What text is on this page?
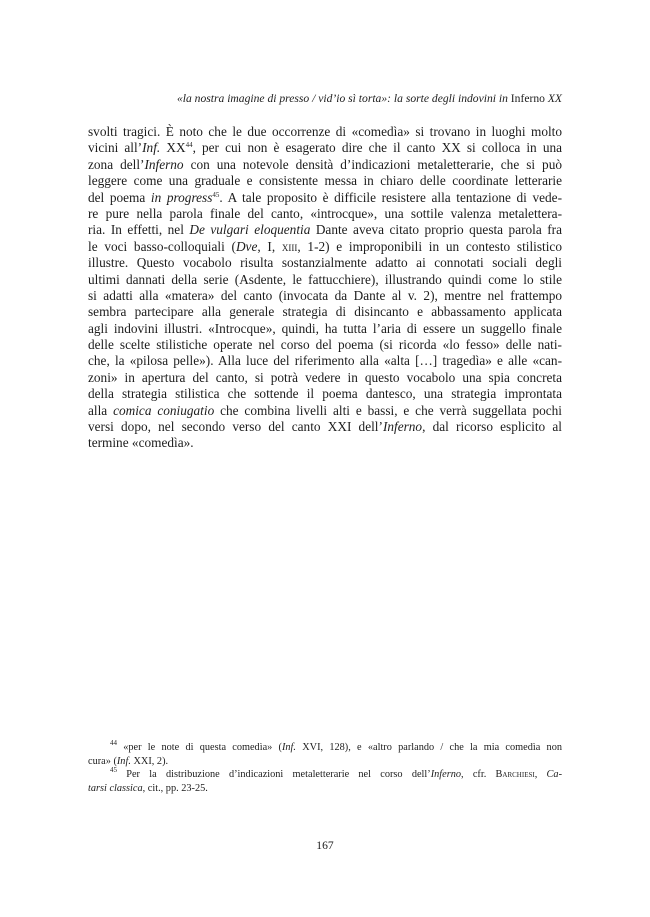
«la nostra imagine di presso / vid’io sì torta»: la sorte degli indovini in Inferno XX
svolti tragici. È noto che le due occorrenze di «comedìa» si trovano in luoghi molto
vicini all’Inf. XX$^{44}$, per cui non è esagerato dire che il canto XX si colloca in una
zona dell’Inferno con una notevole densità d’indicazioni metaletterarie, che si può
leggere come una graduale e consistente messa in chiaro delle coordinate letterarie
del poema in progress$^{45}$. A tale proposito è difficile resistere alla tentazione di vede-
re pure nella parola finale del canto, «introcque», una sottile valenza metalettera-
ria. In effetti, nel De vulgari eloquentia Dante aveva citato proprio questa parola fra
le voci basso-colloquiali (Dve, I, xiii, 1-2) e improponibili in un contesto stilistico
illustre. Questo vocabolo risulta sostanzialmente adatto ai connotati sociali degli
ultimi dannati della serie (Asdente, le fattucchiere), illustrando quindi come lo stile
si adatti alla «matera» del canto (invocata da Dante al v. 2), mentre nel frattempo
sembra partecipare alla generale strategia di disincanto e abbassamento applicata
agli indovini illustri. «Introcque», quindi, ha tutta l’aria di essere un suggello finale
delle scelte stilistiche operate nel corso del poema (si ricorda «lo fesso» delle nati-
che, la «pilosa pelle»). Alla luce del riferimento alla «alta […] tragedìa» e alle «can-
zoni» in apertura del canto, si potrà vedere in questo vocabolo una spia concreta
della strategia stilistica che sottende il poema dantesco, una strategia improntata
alla comica coniugatio che combina livelli alti e bassi, e che verrà suggellata pochi
versi dopo, nel secondo verso del canto XXI dell’Inferno, dal ricorso esplicito al
termine «comedìa».
$^{44}$ «per le note di questa comedìa» (Inf. XVI, 128), e «altro parlando / che la mia comedìa non
cura» (Inf. XXI, 2).
$^{45}$ Per la distribuzione d’indicazioni metaletterarie nel corso dell’Inferno, cfr. Barchiesi, Ca-
tarsi classica, cit., pp. 23-25.
167
